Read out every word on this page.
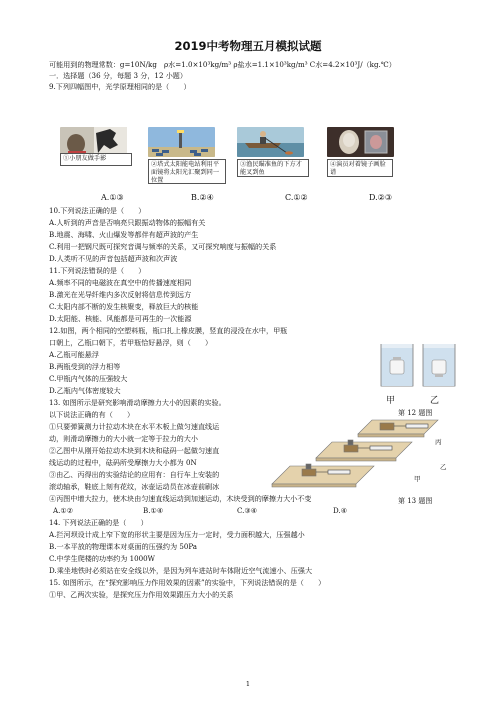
2019中考物理五月模拟试题
可能用到的物理常数：g=10N/kg　ρ水=1.0×10³kg/m³ ρ盐水=1.1×10³kg/m³ C水=4.2×10³J/（kg.℃）
一．选择题（36 分，每题 3 分，12 小题）
9.下列四幅图中，光学原理相同的是（　　）
①小朋友做手影
②塔式太阳能电站利用平面镜将太阳光汇聚到同一位置
③渔民瞄准鱼的下方才能叉到鱼
④演员对着镜子画脸谱
A.①③	B.②④	C.①②	D.②③
10.下列说法正确的是（　　）
A.人听到的声音是否响亮只跟振动物体的振幅有关
B.地震、海啸、火山爆发等都伴有超声波的产生
C.利用一把钢尺既可探究音调与频率的关系，又可探究响度与振幅的关系
D.人类听不见的声音包括超声波和次声波
11.下列说法错误的是（　　）
A.频率不同的电磁波在真空中的传播速度相同
B.激光在光导纤维内多次反射将信息传到远方
C.太阳内部不断的发生核聚变，释放巨大的核能
D.太阳能、核能、风能都是可再生的一次能源
12.如图，两个相同的空塑料瓶，瓶口扎上橡皮膜，竖直的浸没在水中，甲瓶
口朝上，乙瓶口朝下，若甲瓶恰好悬浮，则（　　）
A.乙瓶可能悬浮
B.两瓶受到的浮力相等
C.甲瓶内气体的压强较大
D.乙瓶内气体密度较大
甲	乙
第 12 题图
13. 如图所示是研究影响滑动摩擦力大小的因素的实验。
以下说法正确的有（　　）
①只要弹簧测力计拉动木块在水平木板上做匀速直线运
动，则滑动摩擦力的大小就一定等于拉力的大小
②乙图中从刚开始拉动木块到木块和砝码一起做匀速直
线运动的过程中，砝码所受摩擦力大小都为 0N
③由乙、丙得出的实验结论的应用有：自行车上安装的
滚动轴承，鞋底上刻有花纹，冰壶运动员在冰壶前刷冰
④丙图中增大拉力，使木块由匀速直线运动到加速运动，木块受到的摩擦力大小不变
丙
乙
甲
第 13 题图
A.①②	B.①④	C.③④	D.④
14. 下列说法正确的是（　　）
A.拦河坝设计成上窄下宽的形状主要是因为压力一定时，受力面积越大，压强越小
B.一本平放的物理课本对桌面的压强约为 50Pa
C.中学生爬楼的功率约为 1000W
D.乘坐地铁时必须站在安全线以外，是因为列车进站时车体附近空气流速小、压强大
15. 如图所示，在“探究影响压力作用效果的因素”的实验中，下列说法错误的是（　　）
①甲、乙两次实验，是探究压力作用效果跟压力大小的关系
1
